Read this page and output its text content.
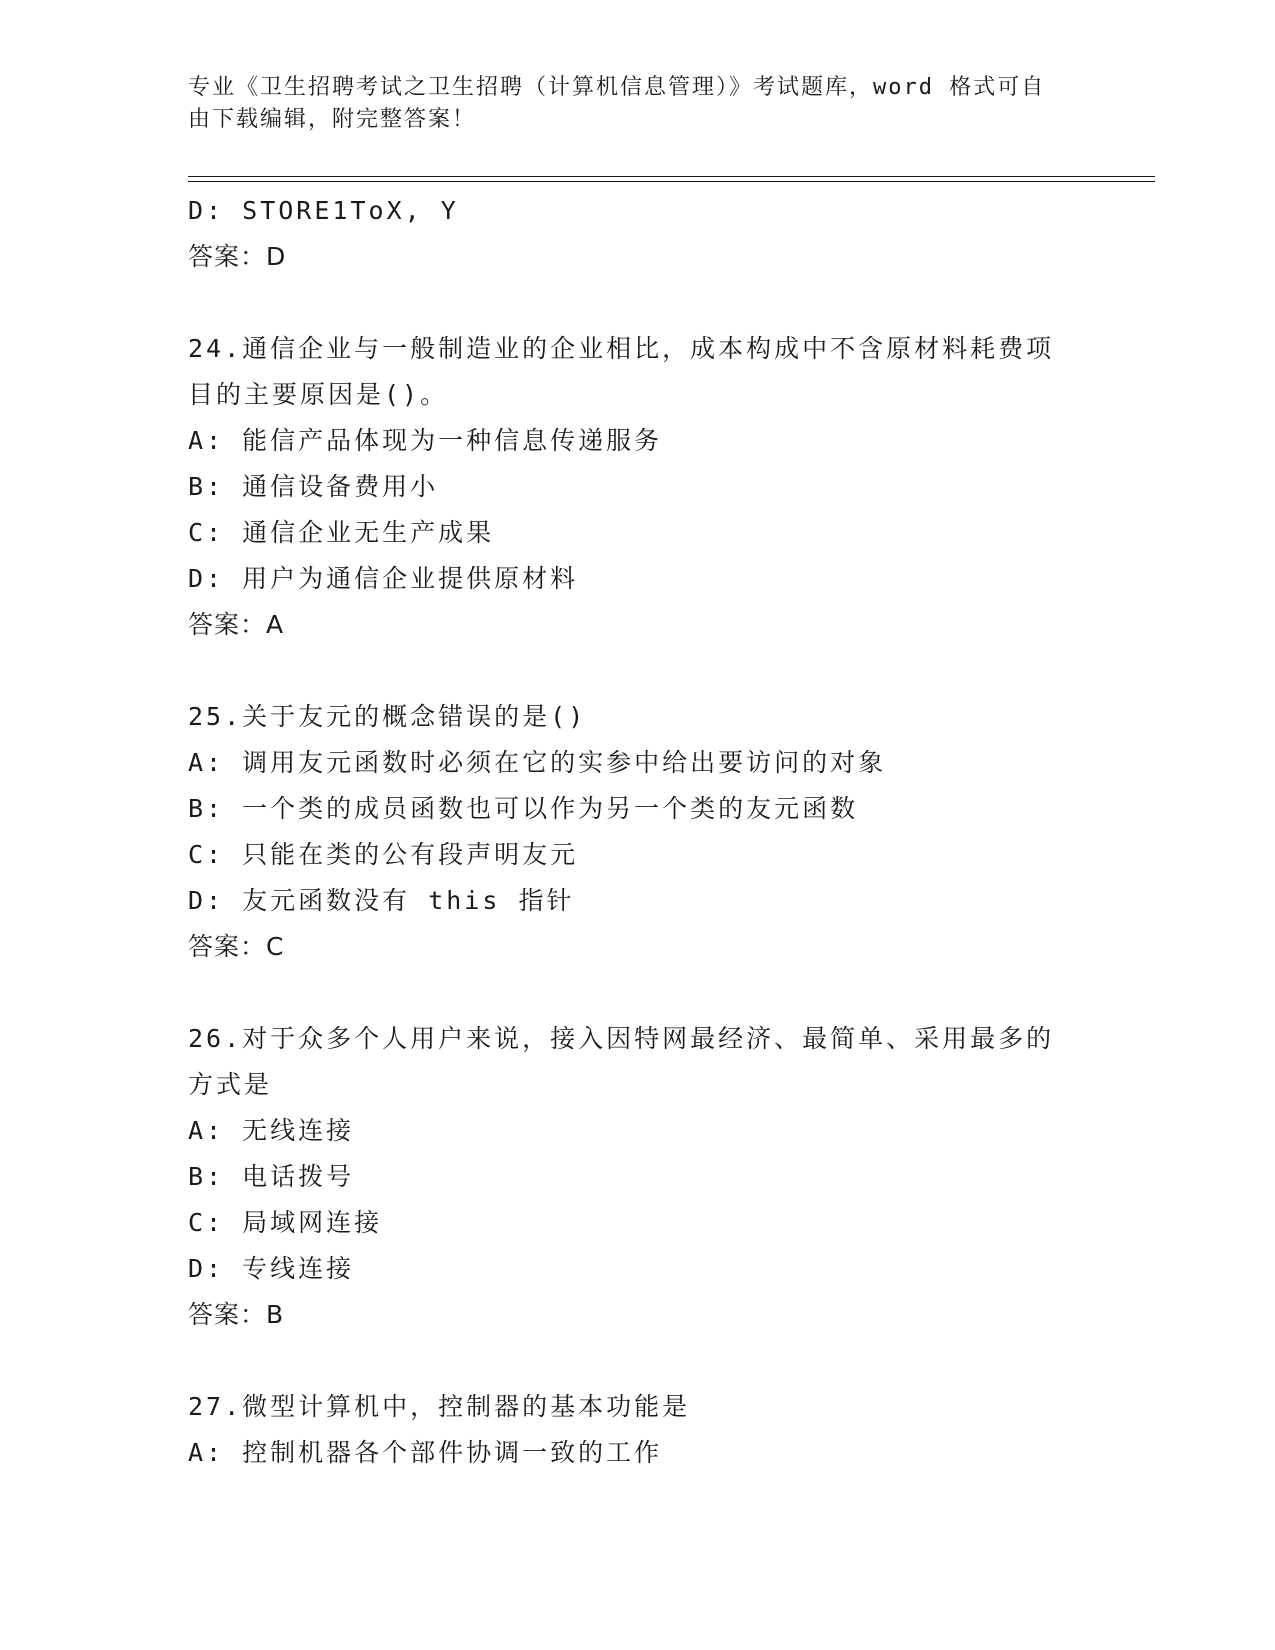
专业《卫生招聘考试之卫生招聘（计算机信息管理）》考试题库，word 格式可自
由下载编辑，附完整答案！
D: STORE1ToX, Y
答案：D
24.通信企业与一般制造业的企业相比，成本构成中不含原材料耗费项
目的主要原因是()。
A: 能信产品体现为一种信息传递服务
B: 通信设备费用小
C: 通信企业无生产成果
D: 用户为通信企业提供原材料
答案：A
25.关于友元的概念错误的是()
A: 调用友元函数时必须在它的实参中给出要访问的对象
B: 一个类的成员函数也可以作为另一个类的友元函数
C: 只能在类的公有段声明友元
D: 友元函数没有 this 指针
答案：C
26.对于众多个人用户来说，接入因特网最经济、最简单、采用最多的
方式是
A: 无线连接
B: 电话拨号
C: 局域网连接
D: 专线连接
答案：B
27.微型计算机中，控制器的基本功能是
A: 控制机器各个部件协调一致的工作
